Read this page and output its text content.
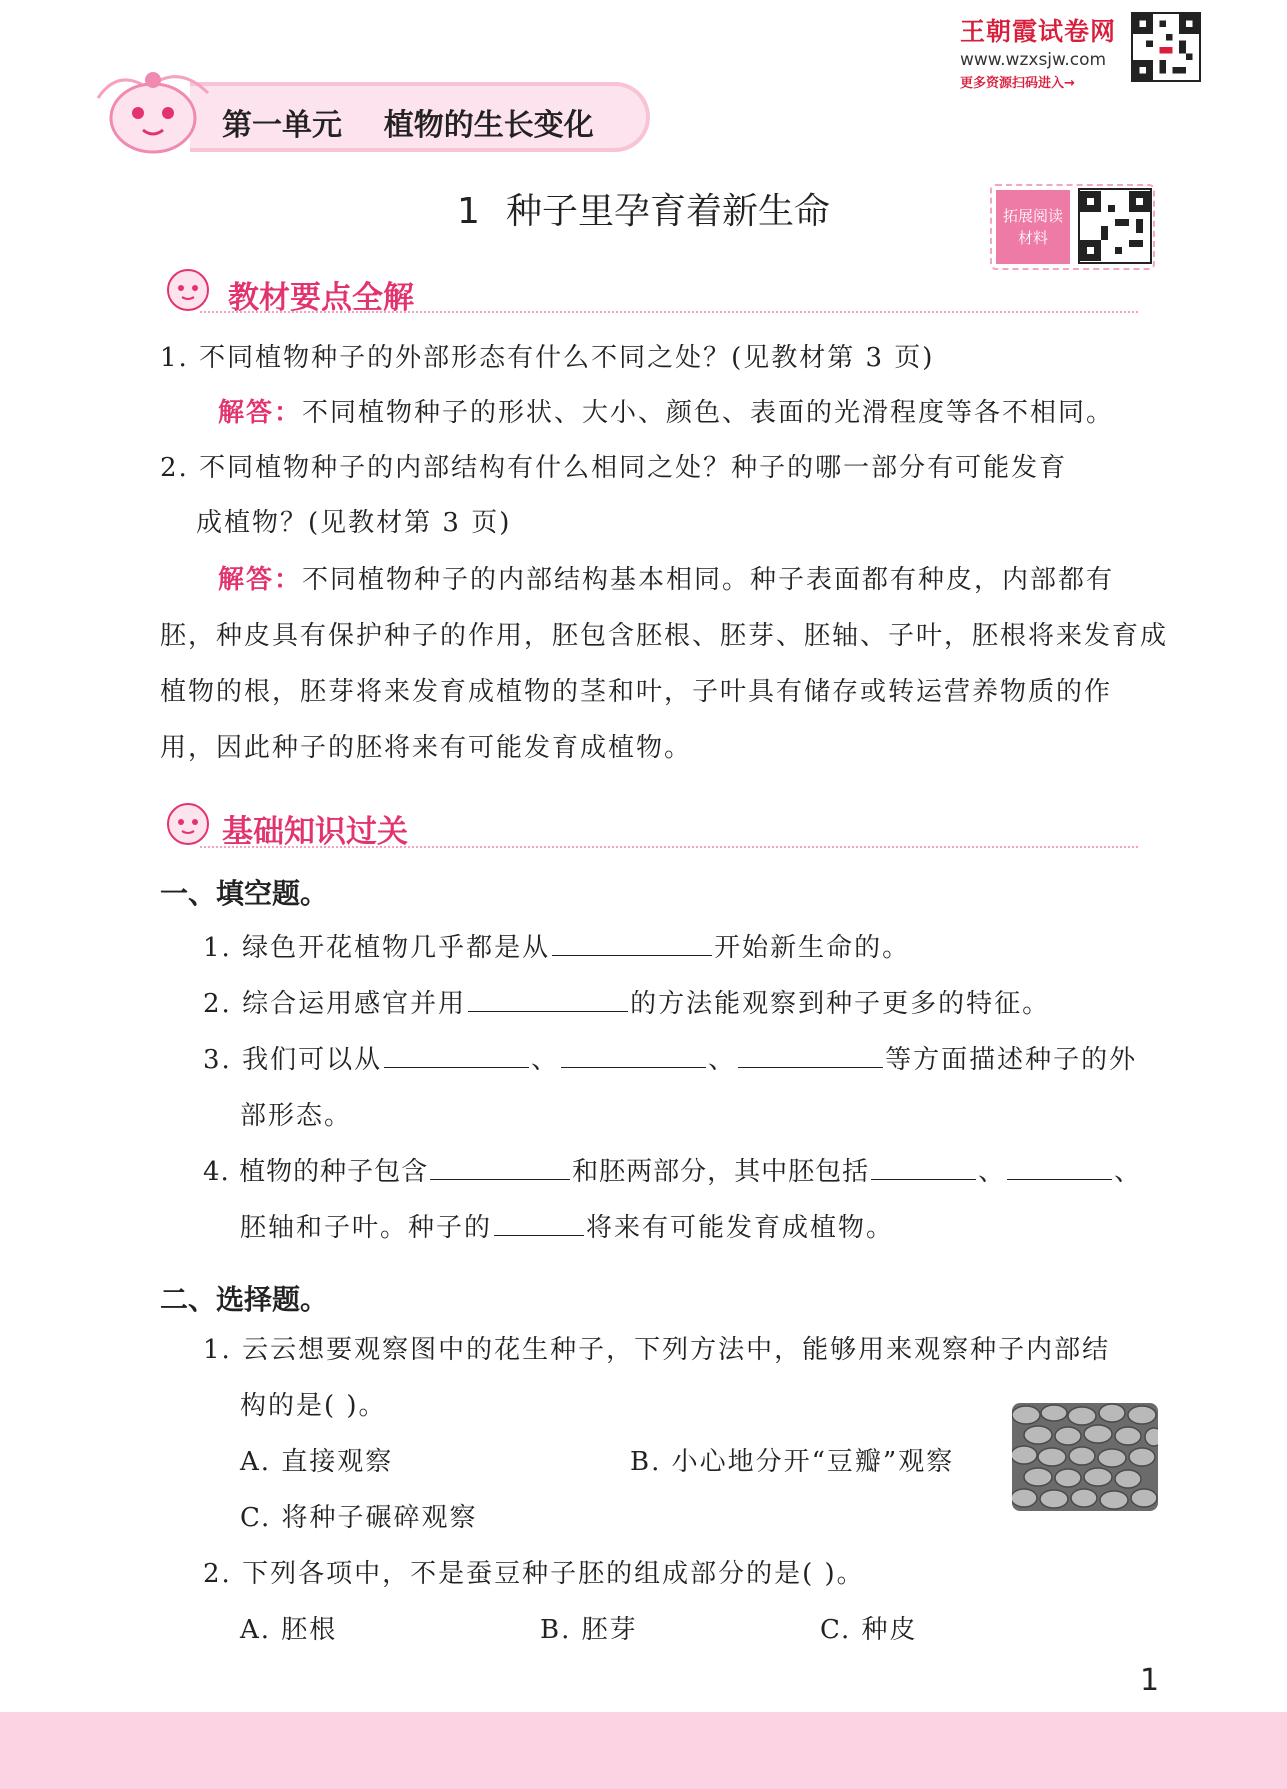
王朝霞试卷网
www.wzxsjw.com
更多资源扫码进入→
第一单元    植物的生长变化
1 种子里孕育着新生命	拓展阅读材料
教材要点全解
1. 不同植物种子的外部形态有什么不同之处？(见教材第 3 页)
解答：不同植物种子的形状、大小、颜色、表面的光滑程度等各不相同。
2. 不同植物种子的内部结构有什么相同之处？种子的哪一部分有可能发育
成植物？(见教材第 3 页)
解答：不同植物种子的内部结构基本相同。种子表面都有种皮，内部都有
胚，种皮具有保护种子的作用，胚包含胚根、胚芽、胚轴、子叶，胚根将来发育成
植物的根，胚芽将来发育成植物的茎和叶，子叶具有储存或转运营养物质的作
用，因此种子的胚将来有可能发育成植物。
基础知识过关
一、填空题。
1. 绿色开花植物几乎都是从	开始新生命的。
2. 综合运用感官并用	的方法能观察到种子更多的特征。
3. 我们可以从	、	、	等方面描述种子的外
部形态。
4. 植物的种子包含	和胚两部分，其中胚包括	、	、
胚轴和子叶。种子的	将来有可能发育成植物。
二、选择题。
1. 云云想要观察图中的花生种子，下列方法中，能够用来观察种子内部结
构的是( )。
A. 直接观察	B. 小心地分开“豆瓣”观察
C. 将种子碾碎观察
2. 下列各项中，不是蚕豆种子胚的组成部分的是( )。
A. 胚根	B. 胚芽	C. 种皮
1
